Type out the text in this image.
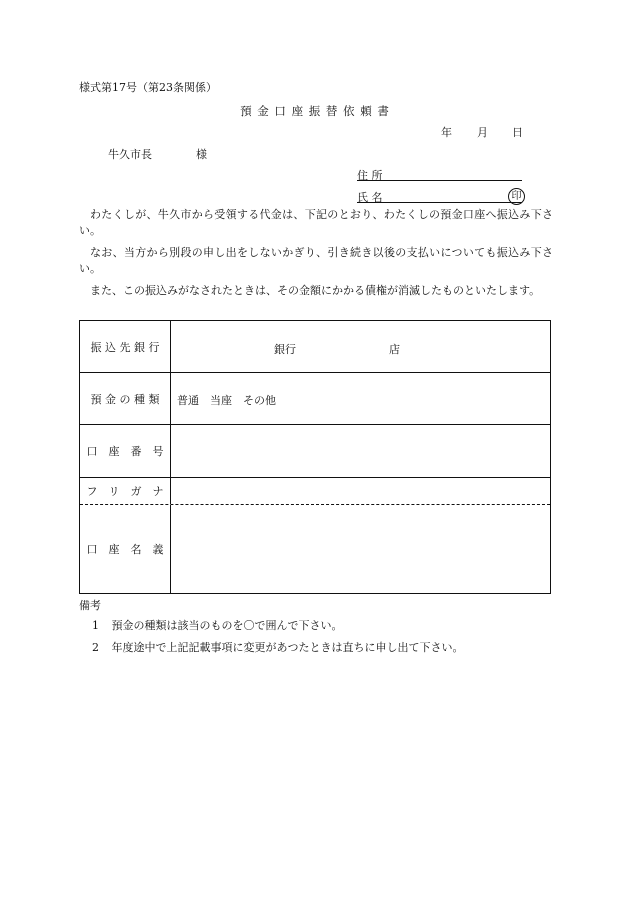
様式第17号（第23条関係）
預 金 口 座 振 替 依 頼 書
年 月 日
牛久市長	様
住 所
氏 名	印
わたくしが、牛久市から受領する代金は、下記のとおり、わたくしの預金口座へ振込み下さい。
なお、当方から別段の申し出をしないかぎり、引き続き以後の支払いについても振込み下さい。
また、この振込みがなされたときは、その金額にかかる債権が消滅したものといたします。
振 込 先 銀 行	銀行	店
預 金 の 種 類	普通　当座　その他
口　座　番　号
フ　リ　ガ　ナ
口　座　名　義
備考
1 預金の種類は該当のものを〇で囲んで下さい。
2 年度途中で上記記載事項に変更があつたときは直ちに申し出て下さい。
